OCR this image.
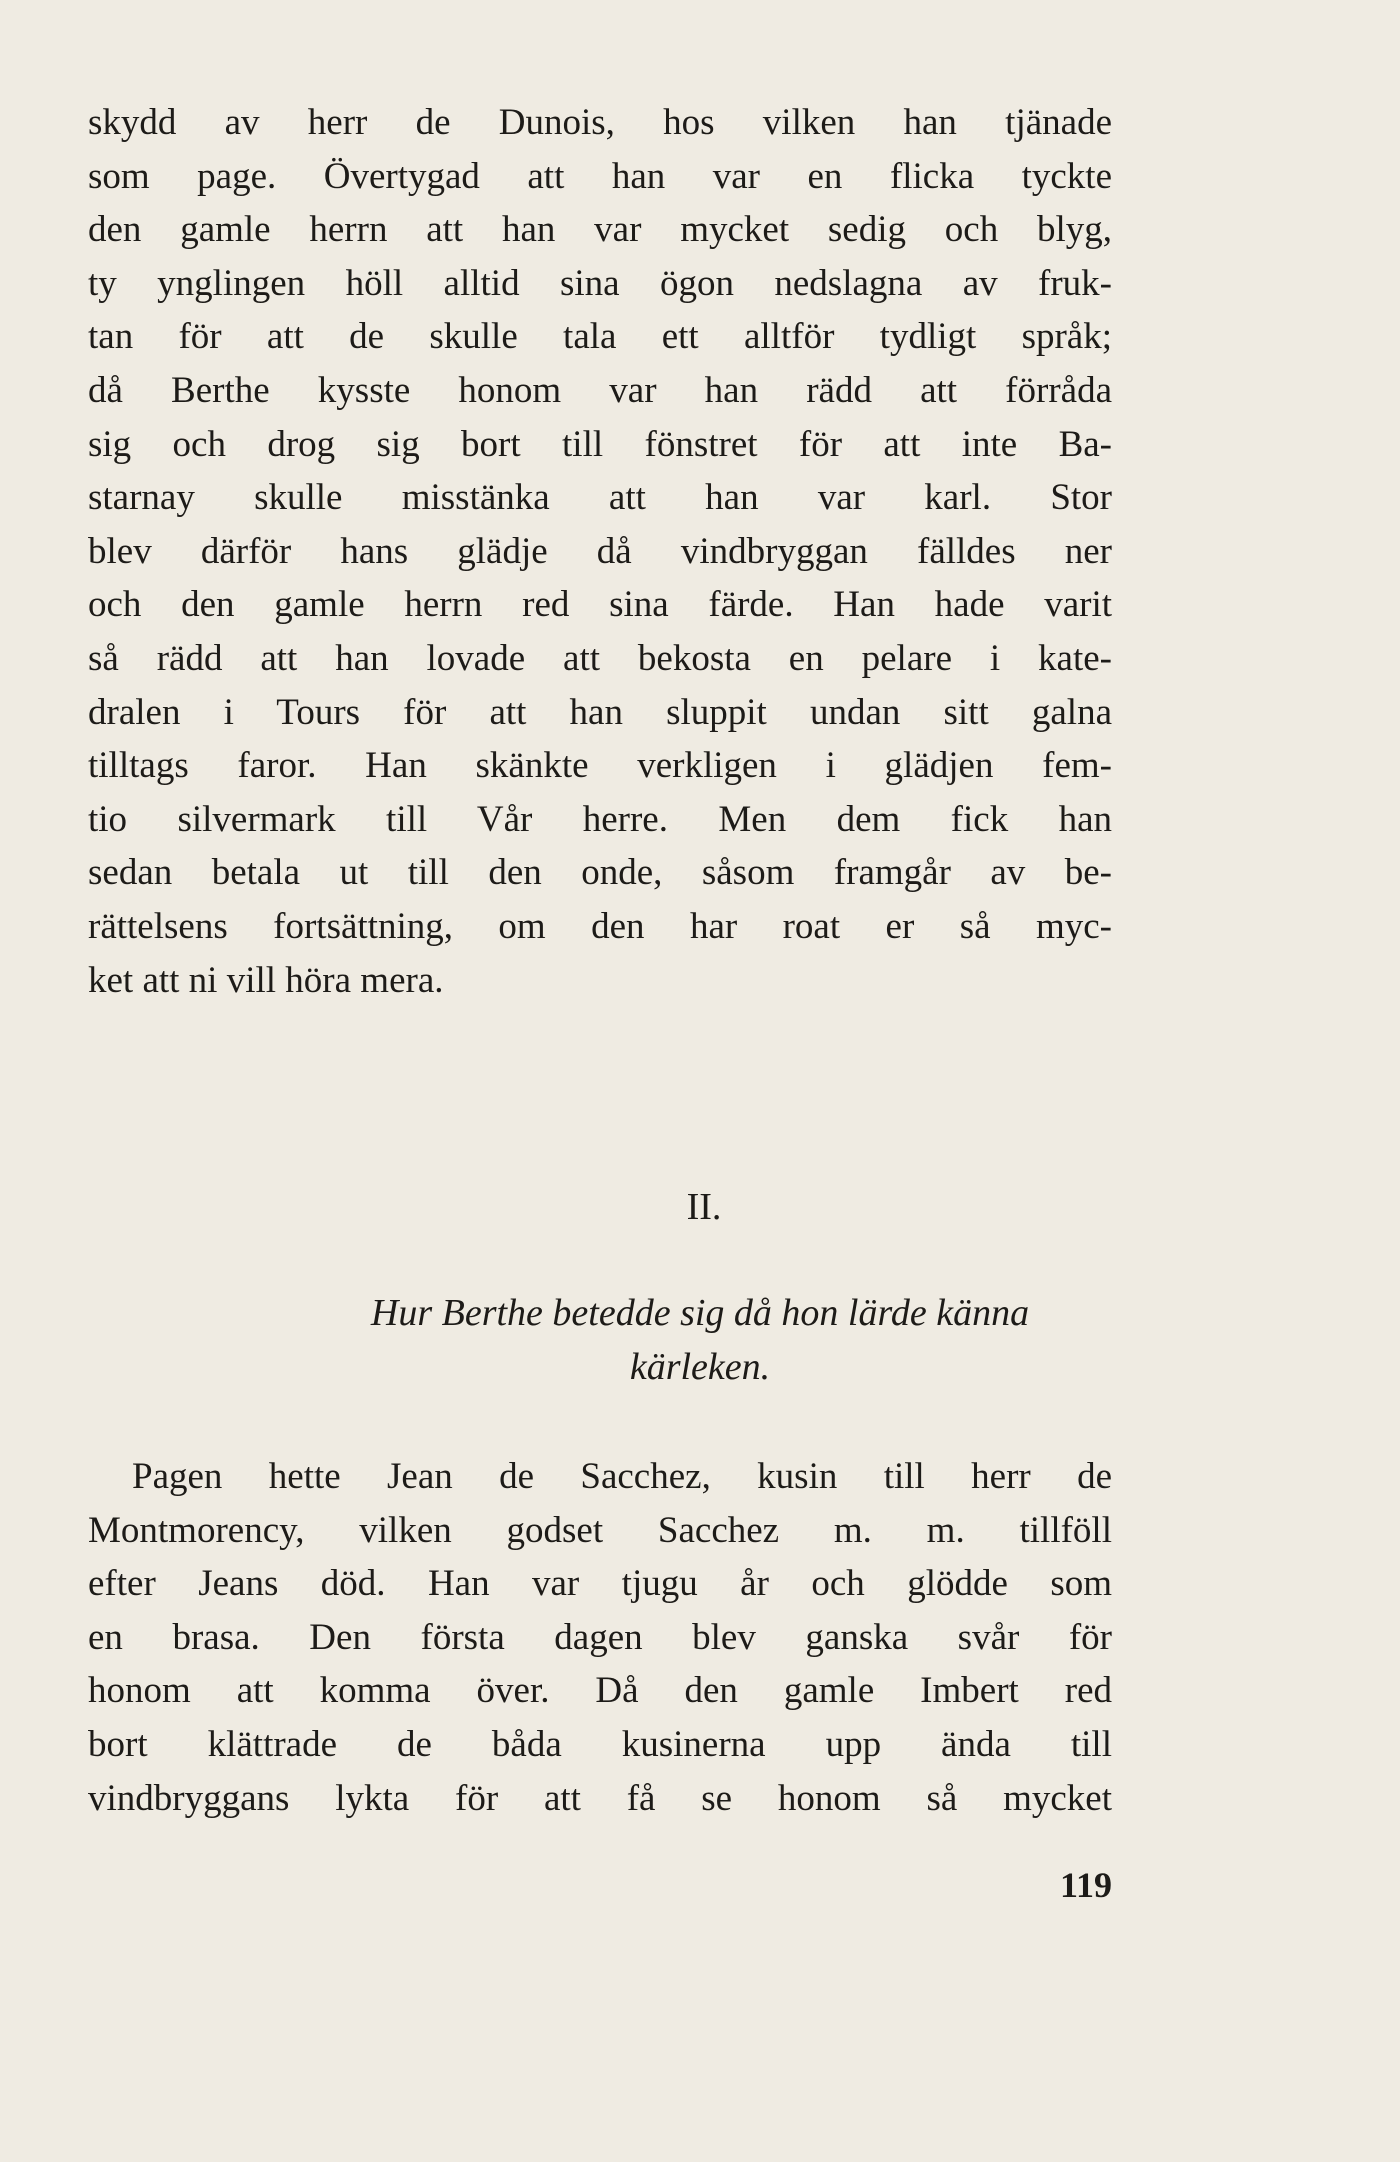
skydd av herr de Dunois, hos vilken han tjänade
som page. Övertygad att han var en flicka tyckte
den gamle herrn att han var mycket sedig och blyg,
ty ynglingen höll alltid sina ögon nedslagna av fruk-
tan för att de skulle tala ett alltför tydligt språk;
då Berthe kysste honom var han rädd att förråda
sig och drog sig bort till fönstret för att inte Ba-
starnay skulle misstänka att han var karl. Stor
blev därför hans glädje då vindbryggan fälldes ner
och den gamle herrn red sina färde. Han hade varit
så rädd att han lovade att bekosta en pelare i kate-
dralen i Tours för att han sluppit undan sitt galna
tilltags faror. Han skänkte verkligen i glädjen fem-
tio silvermark till Vår herre. Men dem fick han
sedan betala ut till den onde, såsom framgår av be-
rättelsens fortsättning, om den har roat er så myc-
ket att ni vill höra mera.
II.
Hur Berthe betedde sig då hon lärde känna
kärleken.
Pagen hette Jean de Sacchez, kusin till herr de
Montmorency, vilken godset Sacchez m. m. tillföll
efter Jeans död. Han var tjugu år och glödde som
en brasa. Den första dagen blev ganska svår för
honom att komma över. Då den gamle Imbert red
bort klättrade de båda kusinerna upp ända till
vindbryggans lykta för att få se honom så mycket
119
